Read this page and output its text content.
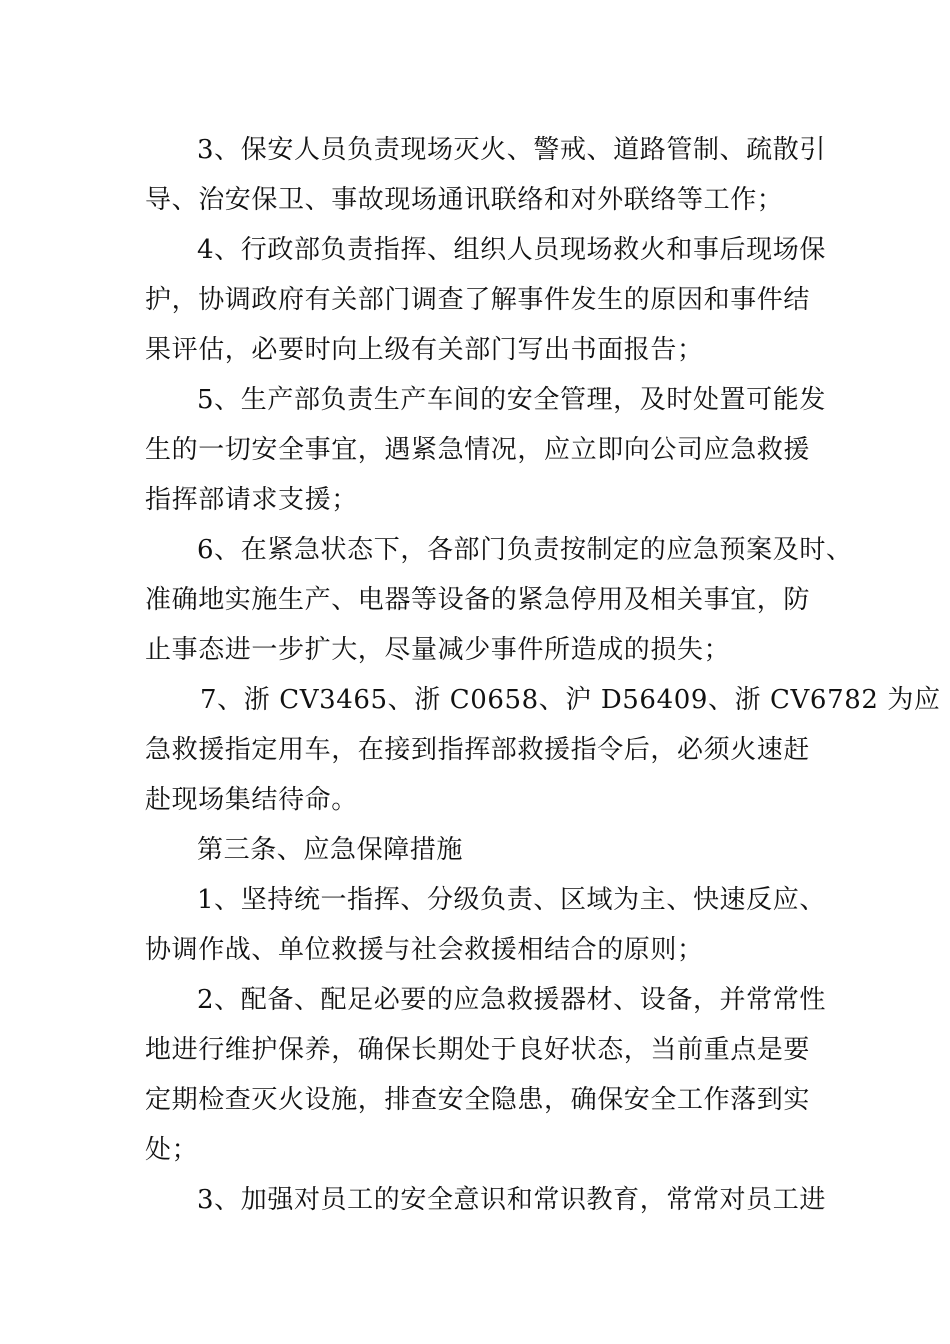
3、保安人员负责现场灭火、警戒、道路管制、疏散引
导、治安保卫、事故现场通讯联络和对外联络等工作；
4、行政部负责指挥、组织人员现场救火和事后现场保
护，协调政府有关部门调查了解事件发生的原因和事件结
果评估，必要时向上级有关部门写出书面报告；
5、生产部负责生产车间的安全管理，及时处置可能发
生的一切安全事宜，遇紧急情况，应立即向公司应急救援
指挥部请求支援；
6、在紧急状态下，各部门负责按制定的应急预案及时、
准确地实施生产、电器等设备的紧急停用及相关事宜，防
止事态进一步扩大，尽量减少事件所造成的损失；
7、浙 CV3465、浙 C0658、沪 D56409、浙 CV6782 为应
急救援指定用车，在接到指挥部救援指令后，必须火速赶
赴现场集结待命。
第三条、应急保障措施
1、坚持统一指挥、分级负责、区域为主、快速反应、
协调作战、单位救援与社会救援相结合的原则；
2、配备、配足必要的应急救援器材、设备，并常常性
地进行维护保养，确保长期处于良好状态，当前重点是要
定期检查灭火设施，排查安全隐患，确保安全工作落到实
处；
3、加强对员工的安全意识和常识教育，常常对员工进
